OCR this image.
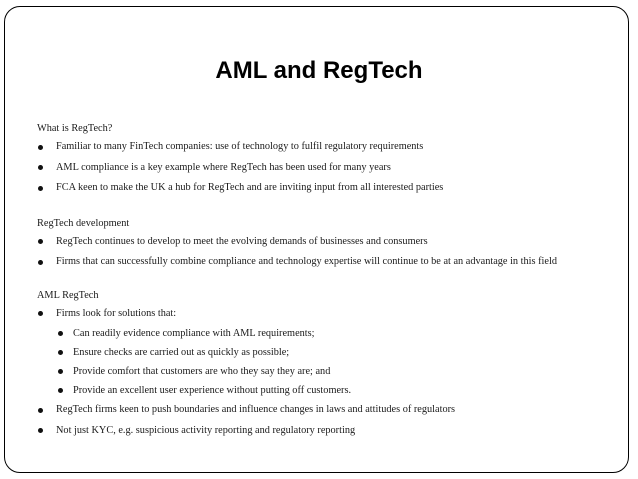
AML and RegTech

What is RegTech?

Familiar to many FinTech companies: use of technology to fulfil regulatory requirements
AML compliance is a key example where RegTech has been used for many years
FCA keen to make the UK a hub for RegTech and are inviting input from all interested parties

RegTech development

RegTech continues to develop to meet the evolving demands of businesses and consumers
Firms that can successfully combine compliance and technology expertise will continue to be at an advantage in this field

AML RegTech

Firms look for solutions that:
Can readily evidence compliance with AML requirements;
Ensure checks are carried out as quickly as possible;
Provide comfort that customers are who they say they are; and
Provide an excellent user experience without putting off customers.
RegTech firms keen to push boundaries and influence changes in laws and attitudes of regulators
Not just KYC, e.g. suspicious activity reporting and regulatory reporting
